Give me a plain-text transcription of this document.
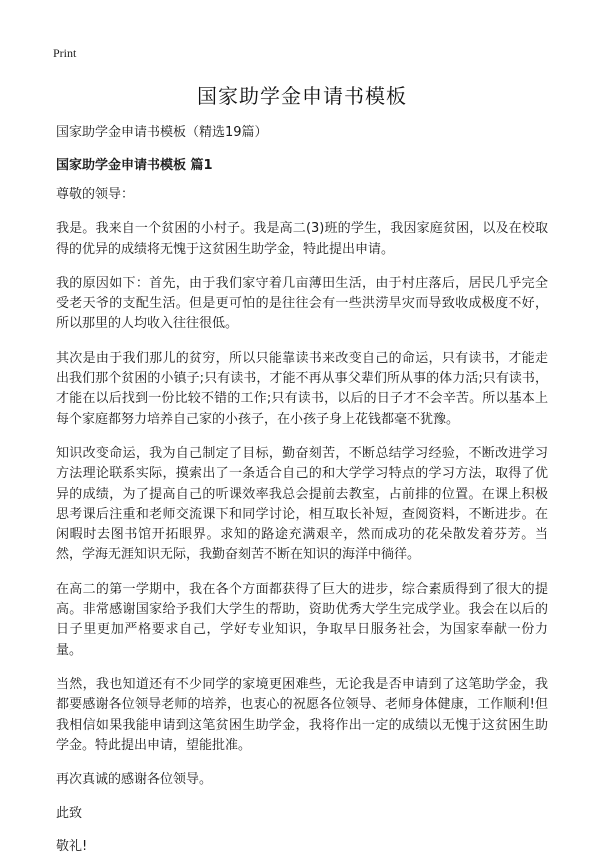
Print
国家助学金申请书模板
国家助学金申请书模板（精选19篇）
国家助学金申请书模板 篇1

尊敬的领导：

我是。我来自一个贫困的小村子。我是高二(3)班的学生，我因家庭贫困，以及在校取得的优异的成绩将无愧于这贫困生助学金，特此提出申请。

我的原因如下：首先，由于我们家守着几亩薄田生活，由于村庄落后，居民几乎完全受老天爷的支配生活。但是更可怕的是往往会有一些洪涝旱灾而导致收成极度不好，所以那里的人均收入往往很低。

其次是由于我们那儿的贫穷，所以只能靠读书来改变自己的命运，只有读书，才能走出我们那个贫困的小镇子;只有读书，才能不再从事父辈们所从事的体力活;只有读书，才能在以后找到一份比较不错的工作;只有读书，以后的日子才不会辛苦。所以基本上每个家庭都努力培养自己家的小孩子，在小孩子身上花钱都毫不犹豫。

知识改变命运，我为自己制定了目标，勤奋刻苦，不断总结学习经验，不断改进学习方法理论联系实际，摸索出了一条适合自己的和大学学习特点的学习方法，取得了优异的成绩，为了提高自己的听课效率我总会提前去教室，占前排的位置。在课上积极思考课后注重和老师交流课下和同学讨论，相互取长补短，查阅资料，不断进步。在闲暇时去图书馆开拓眼界。求知的路途充满艰辛，然而成功的花朵散发着芬芳。当然，学海无涯知识无际，我勤奋刻苦不断在知识的海洋中徜徉。

在高二的第一学期中，我在各个方面都获得了巨大的进步，综合素质得到了很大的提高。非常感谢国家给予我们大学生的帮助，资助优秀大学生完成学业。我会在以后的日子里更加严格要求自己，学好专业知识，争取早日服务社会，为国家奉献一份力量。

当然，我也知道还有不少同学的家境更困难些，无论我是否申请到了这笔助学金，我都要感谢各位领导老师的培养，也衷心的祝愿各位领导、老师身体健康，工作顺利!但我相信如果我能申请到这笔贫困生助学金，我将作出一定的成绩以无愧于这贫困生助学金。特此提出申请，望能批准。

再次真诚的感谢各位领导。

此致

敬礼!
